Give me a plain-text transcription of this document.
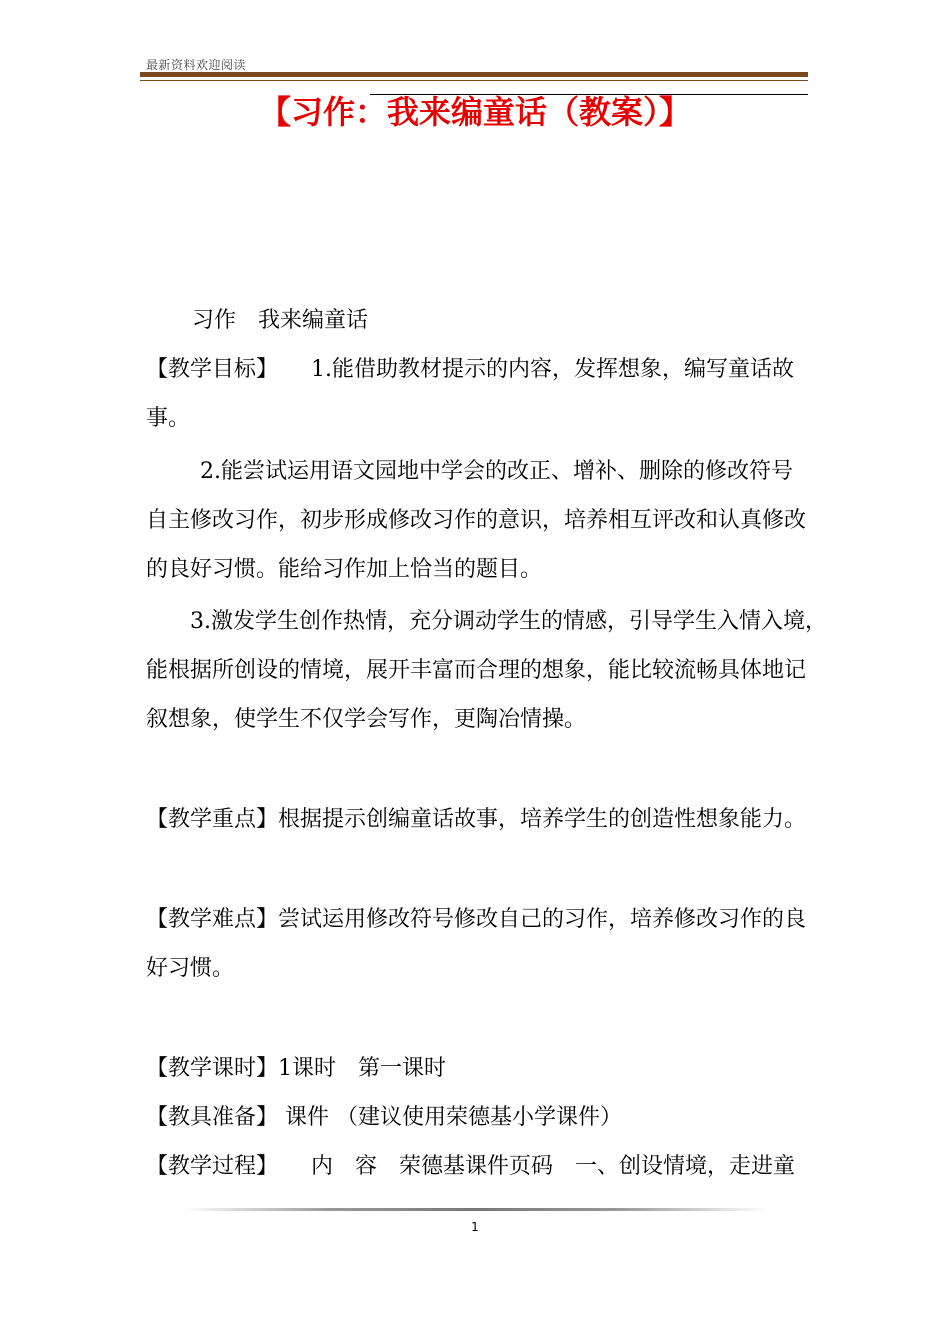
最新资料欢迎阅读
【习作：我来编童话（教案）】
习作　我来编童话
【教学目标】　　1.能借助教材提示的内容，发挥想象，编写童话故
事。
2.能尝试运用语文园地中学会的改正、增补、删除的修改符号
自主修改习作，初步形成修改习作的意识，培养相互评改和认真修改
的良好习惯。能给习作加上恰当的题目。
3.激发学生创作热情，充分调动学生的情感，引导学生入情入境，
能根据所创设的情境，展开丰富而合理的想象，能比较流畅具体地记
叙想象，使学生不仅学会写作，更陶冶情操。
【教学重点】根据提示创编童话故事，培养学生的创造性想象能力。
【教学难点】尝试运用修改符号修改自己的习作，培养修改习作的良
好习惯。
【教学课时】1课时　第一课时
【教具准备】 课件 （建议使用荣德基小学课件）
【教学过程】　　内　容　荣德基课件页码　一、创设情境，走进童
1
